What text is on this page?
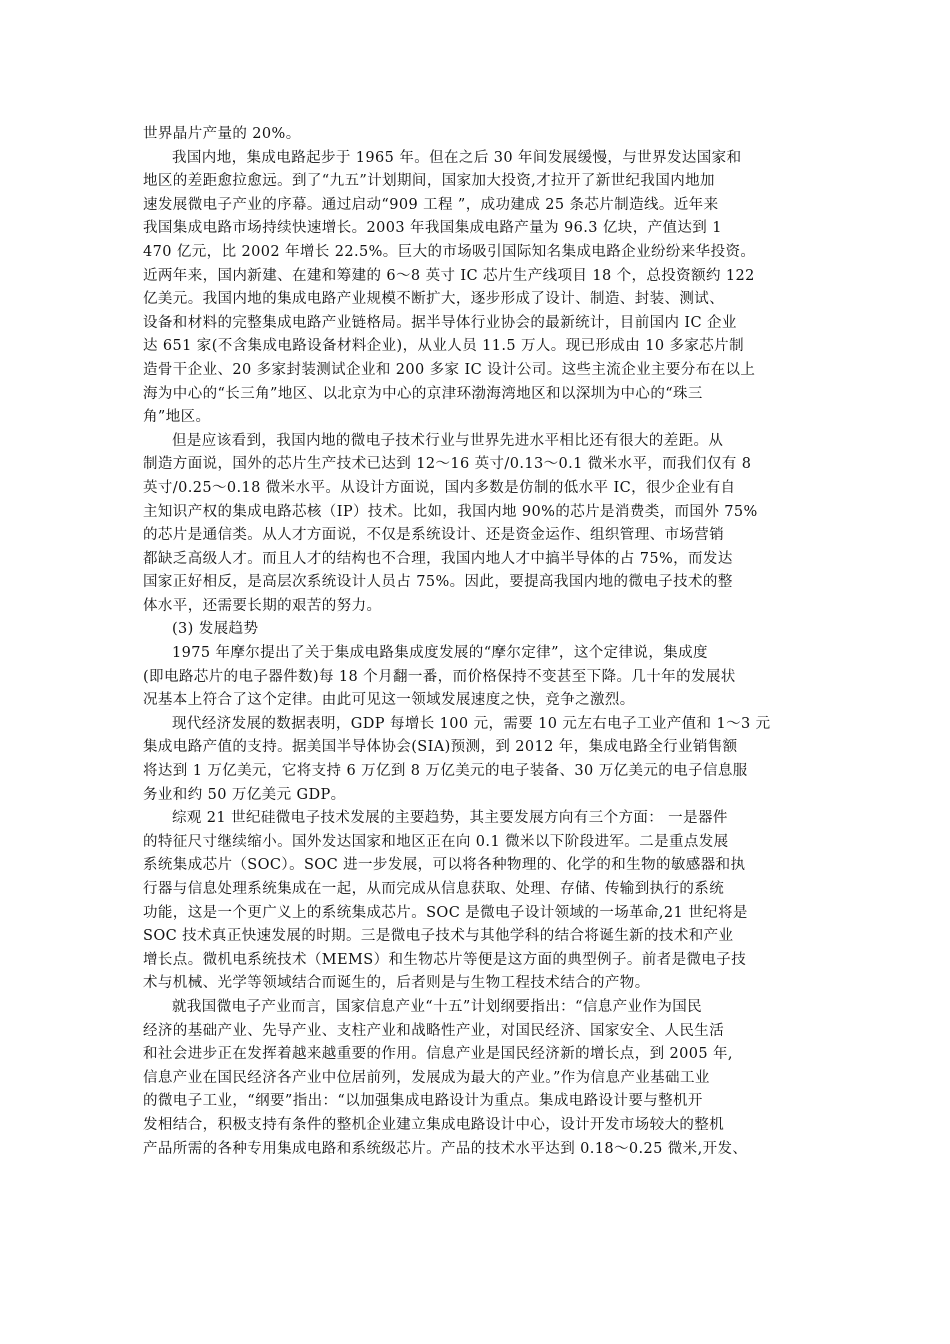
世界晶片产量的 20%。
我国内地，集成电路起步于 1965 年。但在之后 30 年间发展缓慢，与世界发达国家和
地区的差距愈拉愈远。到了“九五”计划期间，国家加大投资,才拉开了新世纪我国内地加
速发展微电子产业的序幕。通过启动“909 工程 ”，成功建成 25 条芯片制造线。近年来
我国集成电路市场持续快速增长。2003 年我国集成电路产量为 96.3 亿块，产值达到 1
470 亿元，比 2002 年增长 22.5%。巨大的市场吸引国际知名集成电路企业纷纷来华投资。
近两年来，国内新建、在建和筹建的 6～8 英寸 IC 芯片生产线项目 18 个，总投资额约 122
亿美元。我国内地的集成电路产业规模不断扩大，逐步形成了设计、制造、封装、测试、
设备和材料的完整集成电路产业链格局。据半导体行业协会的最新统计，目前国内 IC 企业
达 651 家(不含集成电路设备材料企业)，从业人员 11.5 万人。现已形成由 10 多家芯片制
造骨干企业、20 多家封装测试企业和 200 多家 IC 设计公司。这些主流企业主要分布在以上
海为中心的“长三角”地区、以北京为中心的京津环渤海湾地区和以深圳为中心的“珠三
角”地区。
但是应该看到，我国内地的微电子技术行业与世界先进水平相比还有很大的差距。从
制造方面说，国外的芯片生产技术已达到 12～16 英寸/0.13～0.1 微米水平，而我们仅有 8
英寸/0.25～0.18 微米水平。从设计方面说，国内多数是仿制的低水平 IC，很少企业有自
主知识产权的集成电路芯核（IP）技术。比如，我国内地 90%的芯片是消费类，而国外 75%
的芯片是通信类。从人才方面说，不仅是系统设计、还是资金运作、组织管理、市场营销
都缺乏高级人才。而且人才的结构也不合理，我国内地人才中搞半导体的占 75%，而发达
国家正好相反，是高层次系统设计人员占 75%。因此，要提高我国内地的微电子技术的整
体水平，还需要长期的艰苦的努力。
(3) 发展趋势
1975 年摩尔提出了关于集成电路集成度发展的“摩尔定律”，这个定律说，集成度
(即电路芯片的电子器件数)每 18 个月翻一番，而价格保持不变甚至下降。几十年的发展状
况基本上符合了这个定律。由此可见这一领域发展速度之快，竞争之激烈。
现代经济发展的数据表明，GDP 每增长 100 元，需要 10 元左右电子工业产值和 1～3 元
集成电路产值的支持。据美国半导体协会(SIA)预测，到 2012 年，集成电路全行业销售额
将达到 1 万亿美元，它将支持 6 万亿到 8 万亿美元的电子装备、30 万亿美元的电子信息服
务业和约 50 万亿美元 GDP。
综观 21 世纪硅微电子技术发展的主要趋势，其主要发展方向有三个方面： 一是器件
的特征尺寸继续缩小。国外发达国家和地区正在向 0.1 微米以下阶段进军。二是重点发展
系统集成芯片（SOC）。SOC 进一步发展，可以将各种物理的、化学的和生物的敏感器和执
行器与信息处理系统集成在一起，从而完成从信息获取、处理、存储、传输到执行的系统
功能，这是一个更广义上的系统集成芯片。SOC 是微电子设计领域的一场革命,21 世纪将是
SOC 技术真正快速发展的时期。三是微电子技术与其他学科的结合将诞生新的技术和产业
增长点。微机电系统技术（MEMS）和生物芯片等便是这方面的典型例子。前者是微电子技
术与机械、光学等领域结合而诞生的，后者则是与生物工程技术结合的产物。
就我国微电子产业而言，国家信息产业“十五”计划纲要指出：“信息产业作为国民
经济的基础产业、先导产业、支柱产业和战略性产业，对国民经济、国家安全、人民生活
和社会进步正在发挥着越来越重要的作用。信息产业是国民经济新的增长点，到 2005 年,
信息产业在国民经济各产业中位居前列，发展成为最大的产业。”作为信息产业基础工业
的微电子工业，“纲要”指出：“以加强集成电路设计为重点。集成电路设计要与整机开
发相结合，积极支持有条件的整机企业建立集成电路设计中心，设计开发市场较大的整机
产品所需的各种专用集成电路和系统级芯片。产品的技术水平达到 0.18～0.25 微米,开发、
